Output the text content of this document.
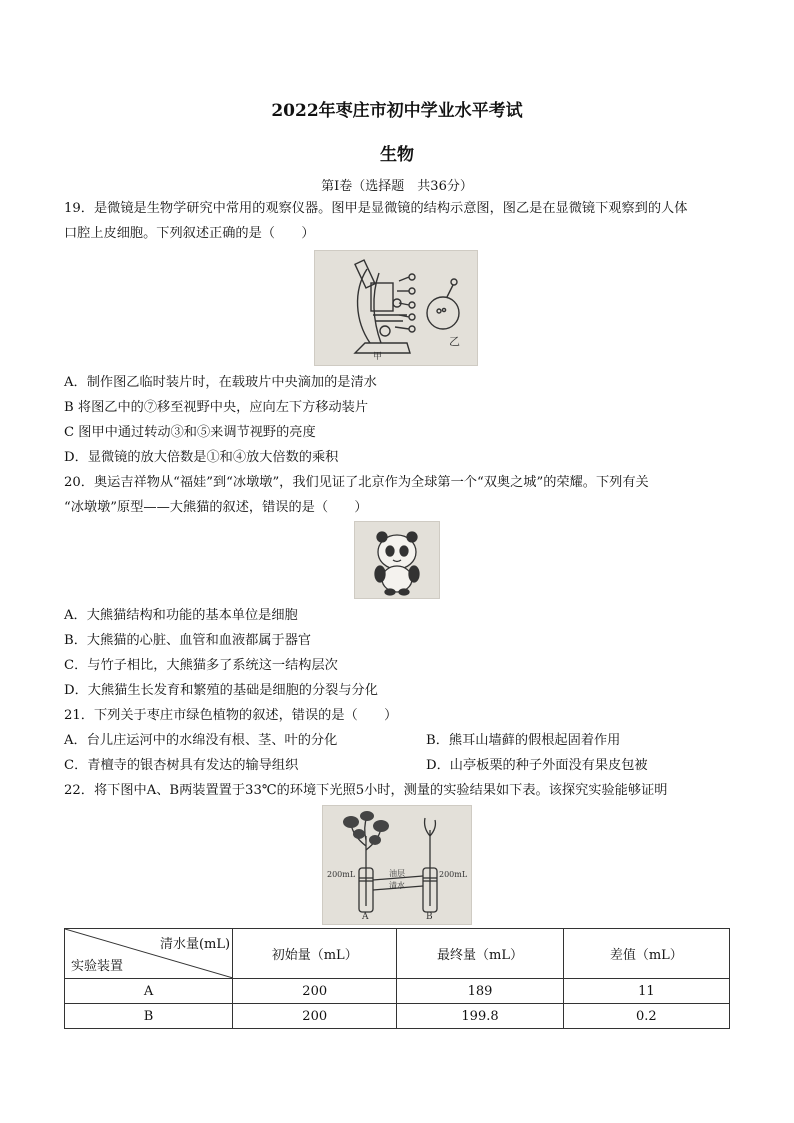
2022年枣庄市初中学业水平考试
生物
第Ⅰ卷（选择题　共36分）
19．是微镜是生物学研究中常用的观察仪器。图甲是显微镜的结构示意图，图乙是在显微镜下观察到的人体
口腔上皮细胞。下列叙述正确的是（　　）
甲
乙
A．制作图乙临时装片时，在载玻片中央滴加的是清水
B 将图乙中的⑦移至视野中央，应向左下方移动装片
C 图甲中通过转动③和⑤来调节视野的亮度
D．显微镜的放大倍数是①和④放大倍数的乘积
20．奥运吉祥物从“福娃”到“冰墩墩”，我们见证了北京作为全球第一个“双奥之城”的荣耀。下列有关
“冰墩墩”原型——大熊猫的叙述，错误的是（　　）
A．大熊猫结构和功能的基本单位是细胞
B．大熊猫的心脏、血管和血液都属于器官
C．与竹子相比，大熊猫多了系统这一结构层次
D．大熊猫生长发育和繁殖的基础是细胞的分裂与分化
21．下列关于枣庄市绿色植物的叙述，错误的是（　　）
A．台儿庄运河中的水绵没有根、茎、叶的分化	B．熊耳山墙藓的假根起固着作用
C．青檀寺的银杏树具有发达的输导组织	D．山亭板栗的种子外面没有果皮包被
22．将下图中A、B两装置置于33℃的环境下光照5小时，测量的实验结果如下表。该探究实验能够证明
200mL	200mL
油层
清水
A	B
清水量(mL)
实验装置	初始量（mL）	最终量（mL）	差值（mL）
A	200	189	11
B	200	199.8	0.2
